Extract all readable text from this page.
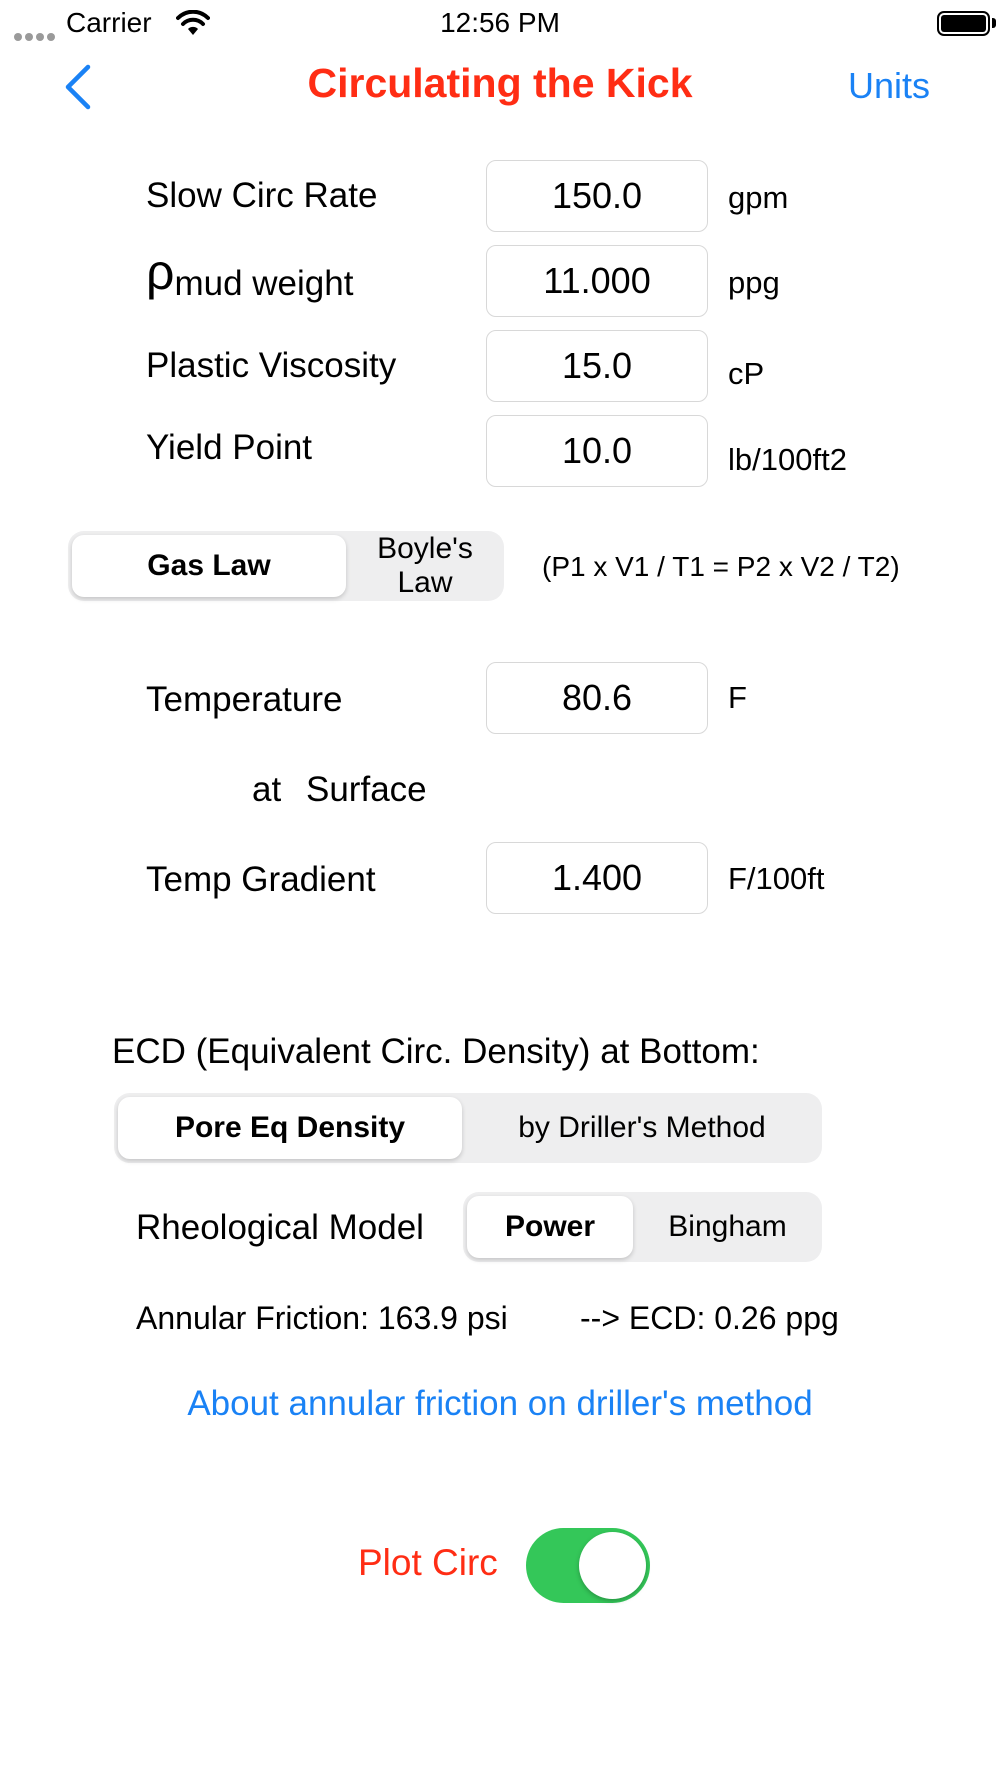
Carrier	12:56 PM
Circulating the Kick	Units
Slow Circ Rate	150.0	gpm
ρmud weight	11.000	ppg
Plastic Viscosity	15.0	cP
Yield Point	10.0	lb/100ft2
Gas Law
Boyle's Law	(P1 x V1 / T1 = P2 x V2 / T2)
Temperature	80.6	F
at Surface
Temp Gradient	1.400	F/100ft
ECD (Equivalent Circ. Density) at Bottom:
Pore Eq Density	by Driller's Method
Rheological Model	Power	Bingham
Annular Friction: 163.9 psi --> ECD: 0.26 ppg
About annular friction on driller's method
Plot Circ
